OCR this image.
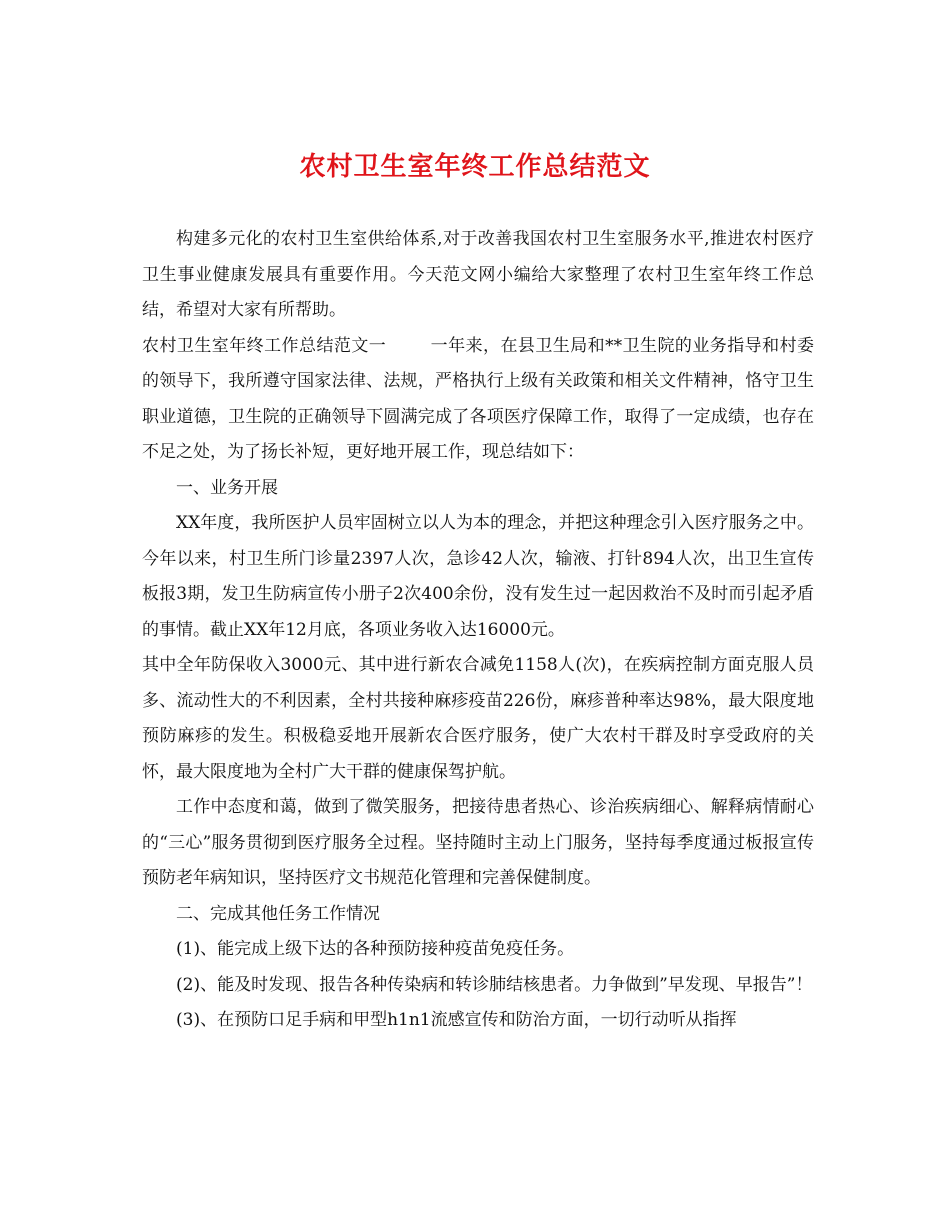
农村卫生室年终工作总结范文

构建多元化的农村卫生室供给体系,对于改善我国农村卫生室服务水平,推进农村医疗卫生事业健康发展具有重要作用。今天范文网小编给大家整理了农村卫生室年终工作总结，希望对大家有所帮助。

农村卫生室年终工作总结范文一	一年来，在县卫生局和**卫生院的业务指导和村委的领导下，我所遵守国家法律、法规，严格执行上级有关政策和相关文件精神，恪守卫生职业道德，卫生院的正确领导下圆满完成了各项医疗保障工作，取得了一定成绩，也存在不足之处，为了扬长补短，更好地开展工作，现总结如下：

一、业务开展

XX年度，我所医护人员牢固树立以人为本的理念，并把这种理念引入医疗服务之中。今年以来，村卫生所门诊量2397人次，急诊42人次，输液、打针894人次，出卫生宣传板报3期，发卫生防病宣传小册子2次400余份，没有发生过一起因救治不及时而引起矛盾的事情。截止XX年12月底，各项业务收入达16000元。

其中全年防保收入3000元、其中进行新农合减免1158人(次)，在疾病控制方面克服人员多、流动性大的不利因素，全村共接种麻疹疫苗226份，麻疹普种率达98%，最大限度地预防麻疹的发生。积极稳妥地开展新农合医疗服务，使广大农村干群及时享受政府的关怀，最大限度地为全村广大干群的健康保驾护航。

工作中态度和蔼，做到了微笑服务，把接待患者热心、诊治疾病细心、解释病情耐心的“三心”服务贯彻到医疗服务全过程。坚持随时主动上门服务，坚持每季度通过板报宣传预防老年病知识，坚持医疗文书规范化管理和完善保健制度。

二、完成其他任务工作情况

(1)、能完成上级下达的各种预防接种疫苗免疫任务。

(2)、能及时发现、报告各种传染病和转诊肺结核患者。力争做到”早发现、早报告”！

(3)、在预防口足手病和甲型h1n1流感宣传和防治方面，一切行动听从指挥
